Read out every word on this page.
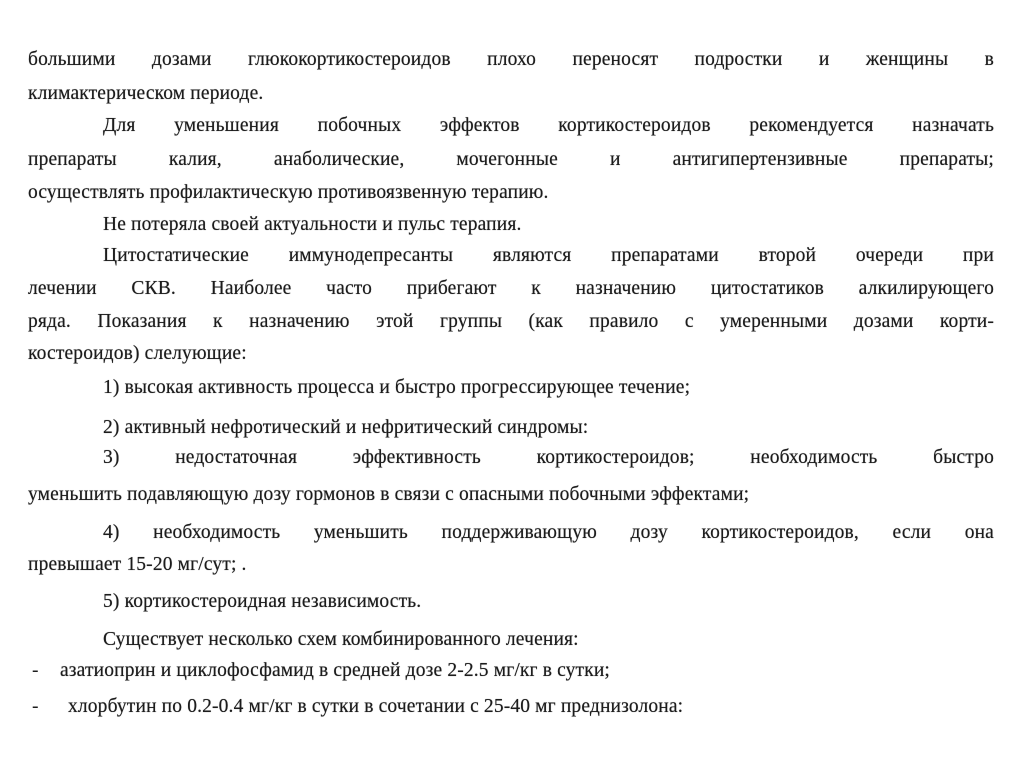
большими дозами глюкокортикостероидов плохо переносят подростки и женщины в
климактерическом периоде.
Для уменьшения побочных эффектов кортикостероидов рекомендуется назначать
препараты калия, анаболические, мочегонные и антигипертензивные препараты;
осуществлять профилактическую противоязвенную терапию.
Не потеряла своей актуальности и пульс терапия.
Цитостатические иммунодепресанты являются препаратами второй очереди при
лечении СКВ. Наиболее часто прибегают к назначению цитостатиков алкилирующего
ряда. Показания к назначению этой группы (как правило с умеренными дозами корти-
костероидов) слелующие:
1) высокая активность процесса и быстро прогрессирующее течение;
2) активный нефротический и нефритический синдромы:
3) недостаточная эффективность кортикостероидов; необходимость быстро
уменьшить подавляющую дозу гормонов в связи с опасными побочными эффектами;
4) необходимость уменьшить поддерживающую дозу кортикостероидов, если она
превышает 15-20 мг/сут; .
5) кортикостероидная независимость.
Существует несколько схем комбинированного лечения:
- азатиоприн и циклофосфамид в средней дозе 2-2.5 мг/кг в сутки;
- хлорбутин по 0.2-0.4 мг/кг в сутки в сочетании с 25-40 мг преднизолона:
